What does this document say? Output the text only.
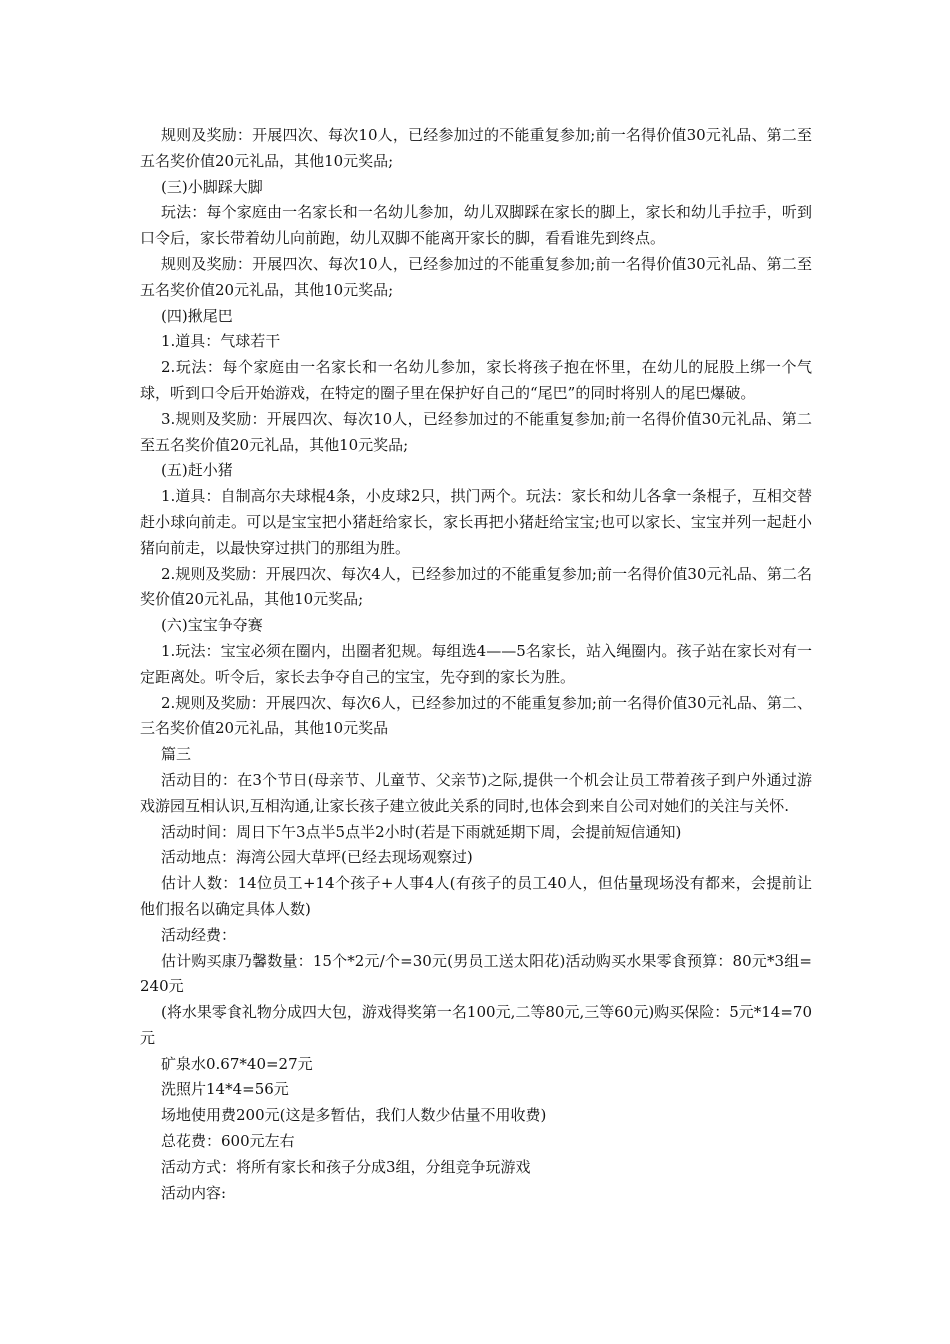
规则及奖励：开展四次、每次10人，已经参加过的不能重复参加;前一名得价值30元礼品、第二至五名奖价值20元礼品，其他10元奖品;

(三)小脚踩大脚

玩法：每个家庭由一名家长和一名幼儿参加，幼儿双脚踩在家长的脚上，家长和幼儿手拉手，听到口令后，家长带着幼儿向前跑，幼儿双脚不能离开家长的脚，看看谁先到终点。

规则及奖励：开展四次、每次10人，已经参加过的不能重复参加;前一名得价值30元礼品、第二至五名奖价值20元礼品，其他10元奖品;

(四)揪尾巴

1.道具：气球若干

2.玩法：每个家庭由一名家长和一名幼儿参加，家长将孩子抱在怀里，在幼儿的屁股上绑一个气球，听到口令后开始游戏，在特定的圈子里在保护好自己的“尾巴”的同时将别人的尾巴爆破。

3.规则及奖励：开展四次、每次10人，已经参加过的不能重复参加;前一名得价值30元礼品、第二至五名奖价值20元礼品，其他10元奖品;

(五)赶小猪

1.道具：自制高尔夫球棍4条，小皮球2只，拱门两个。玩法：家长和幼儿各拿一条棍子，互相交替赶小球向前走。可以是宝宝把小猪赶给家长，家长再把小猪赶给宝宝;也可以家长、宝宝并列一起赶小猪向前走，以最快穿过拱门的那组为胜。

2.规则及奖励：开展四次、每次4人，已经参加过的不能重复参加;前一名得价值30元礼品、第二名奖价值20元礼品，其他10元奖品;

(六)宝宝争夺赛

1.玩法：宝宝必须在圈内，出圈者犯规。每组选4——5名家长，站入绳圈内。孩子站在家长对有一定距离处。听令后，家长去争夺自己的宝宝，先夺到的家长为胜。

2.规则及奖励：开展四次、每次6人，已经参加过的不能重复参加;前一名得价值30元礼品、第二、三名奖价值20元礼品，其他10元奖品

篇三

活动目的：在3个节日(母亲节、儿童节、父亲节)之际,提供一个机会让员工带着孩子到户外通过游戏游园互相认识,互相沟通,让家长孩子建立彼此关系的同时,也体会到来自公司对她们的关注与关怀.

活动时间：周日下午3点半5点半2小时(若是下雨就延期下周，会提前短信通知)

活动地点：海湾公园大草坪(已经去现场观察过)

估计人数：14位员工+14个孩子+人事4人(有孩子的员工40人，但估量现场没有都来，会提前让他们报名以确定具体人数)

活动经费：

估计购买康乃馨数量：15个*2元/个=30元(男员工送太阳花)活动购买水果零食预算：80元*3组=240元

(将水果零食礼物分成四大包，游戏得奖第一名100元,二等80元,三等60元)购买保险：5元*14=70元

矿泉水0.67*40=27元

洗照片14*4=56元

场地使用费200元(这是多暂估，我们人数少估量不用收费)

总花费：600元左右

活动方式：将所有家长和孩子分成3组，分组竞争玩游戏

活动内容:
